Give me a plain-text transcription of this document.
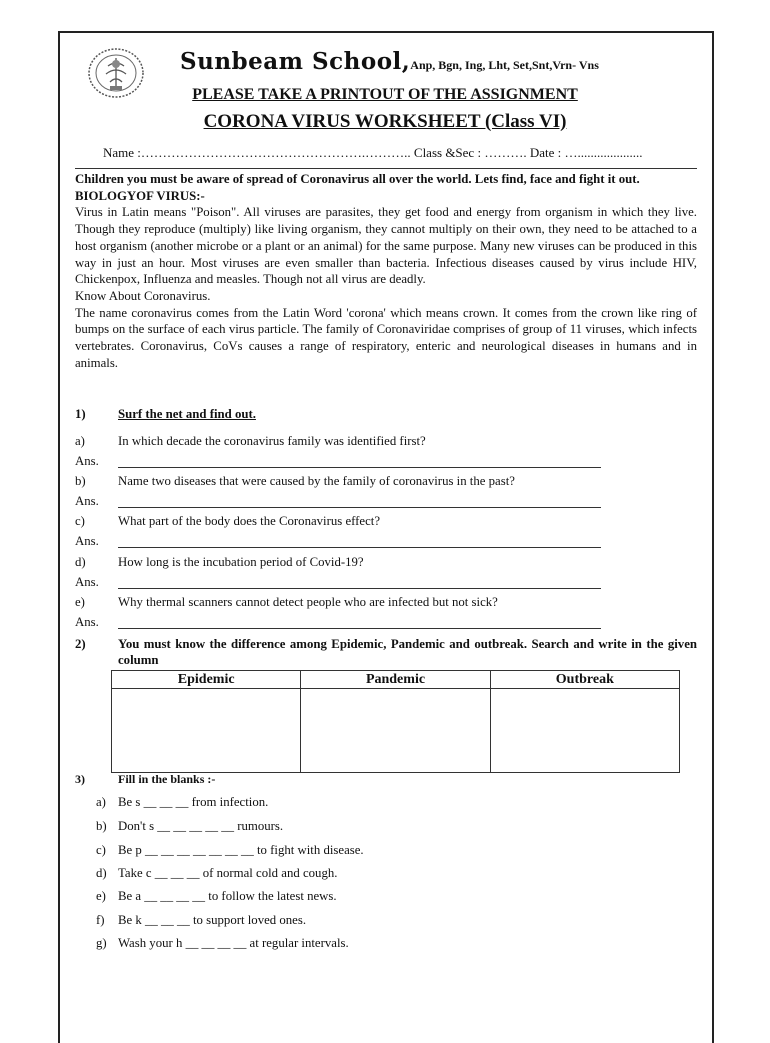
Sunbeam School,Anp, Bgn, Ing, Lht, Set,Snt,Vrn- Vns
PLEASE TAKE A PRINTOUT OF THE ASSIGNMENT
CORONA VIRUS WORKSHEET (Class VI)
Name :…………………………………………….……….. Class &Sec : ………. Date : …....................

Children you must be aware of spread of Coronavirus all over the world. Lets find, face and fight it out.

BIOLOGYOF VIRUS:-

Virus in Latin means "Poison". All viruses are parasites, they get food and energy from organism in which they live. Though they reproduce (multiply) like living organism, they cannot multiply on their own, they need to be attached to a host organism (another microbe or a plant or an animal) for the same purpose. Many new viruses can be produced in this way in just an hour. Most viruses are even smaller than bacteria. Infectious diseases caused by virus include HIV, Chickenpox, Influenza and measles. Though not all virus are deadly.

Know About Coronavirus.

The name coronavirus comes from the Latin Word 'corona' which means crown. It comes from the crown like ring of bumps on the surface of each virus particle. The family of Coronaviridae comprises of group of 11 viruses, which infects vertebrates. Coronavirus, CoVs causes a range of respiratory, enteric and neurological diseases in humans and in animals.

1)	Surf the net and find out.
a)	In which decade the coronavirus family was identified first?
Ans.
b)	Name two diseases that were caused by the family of coronavirus in the past?
Ans.
c)	What part of the body does the Coronavirus effect?
Ans.
d)	How long is the incubation period of Covid-19?
Ans.
e)	Why thermal scanners cannot detect people who are infected but not sick?
Ans.
2)	You must know the difference among Epidemic, Pandemic and outbreak. Search and write in the given column
Epidemic	Pandemic	Outbreak

3)	Fill in the blanks :-
a) Be s __ __ __ from infection.
b) Don't s __ __ __ __ __ rumours.
c) Be p __ __ __ __ __ __ __ to fight with disease.
d) Take c __ __ __ of normal cold and cough.
e) Be a __ __ __ __ to follow the latest news.
f) Be k __ __ __ to support loved ones.
g) Wash your h __ __ __ __ at regular intervals.
